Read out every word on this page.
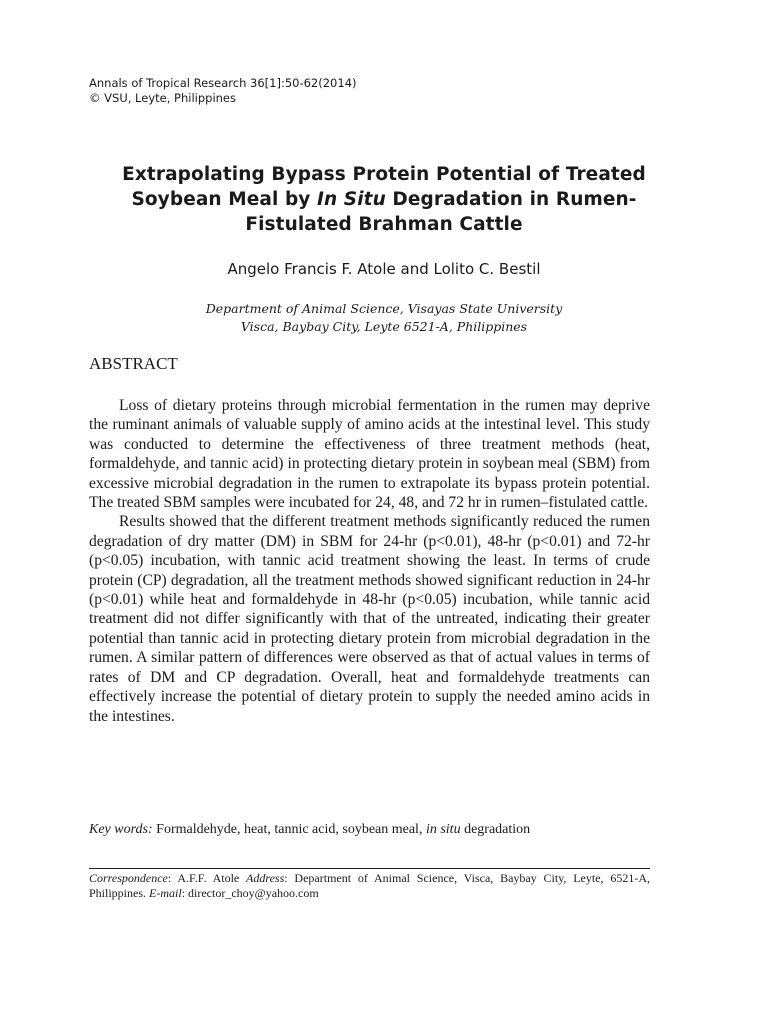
Annals of Tropical Research 36[1]:50-62(2014)
© VSU, Leyte, Philippines
Extrapolating Bypass Protein Potential of Treated Soybean Meal by In Situ Degradation in Rumen-Fistulated Brahman Cattle
Angelo Francis F. Atole and Lolito C. Bestil
Department of Animal Science, Visayas State University
Visca, Baybay City, Leyte 6521-A, Philippines
ABSTRACT

Loss of dietary proteins through microbial fermentation in the rumen may deprive the ruminant animals of valuable supply of amino acids at the intestinal level. This study was conducted to determine the effectiveness of three treatment methods (heat, formaldehyde, and tannic acid) in protecting dietary protein in soybean meal (SBM) from excessive microbial degradation in the rumen to extrapolate its bypass protein potential. The treated SBM samples were incubated for 24, 48, and 72 hr in rumen–fistulated cattle.

Results showed that the different treatment methods significantly reduced the rumen degradation of dry matter (DM) in SBM for 24-hr (p<0.01), 48-hr (p<0.01) and 72-hr (p<0.05) incubation, with tannic acid treatment showing the least. In terms of crude protein (CP) degradation, all the treatment methods showed significant reduction in 24-hr (p<0.01) while heat and formaldehyde in 48-hr (p<0.05) incubation, while tannic acid treatment did not differ significantly with that of the untreated, indicating their greater potential than tannic acid in protecting dietary protein from microbial degradation in the rumen. A similar pattern of differences were observed as that of actual values in terms of rates of DM and CP degradation. Overall, heat and formaldehyde treatments can effectively increase the potential of dietary protein to supply the needed amino acids in the intestines.

Key words: Formaldehyde, heat, tannic acid, soybean meal, in situ degradation
Correspondence: A.F.F. Atole Address: Department of Animal Science, Visca, Baybay City, Leyte, 6521-A, Philippines. E-mail: director_choy@yahoo.com
